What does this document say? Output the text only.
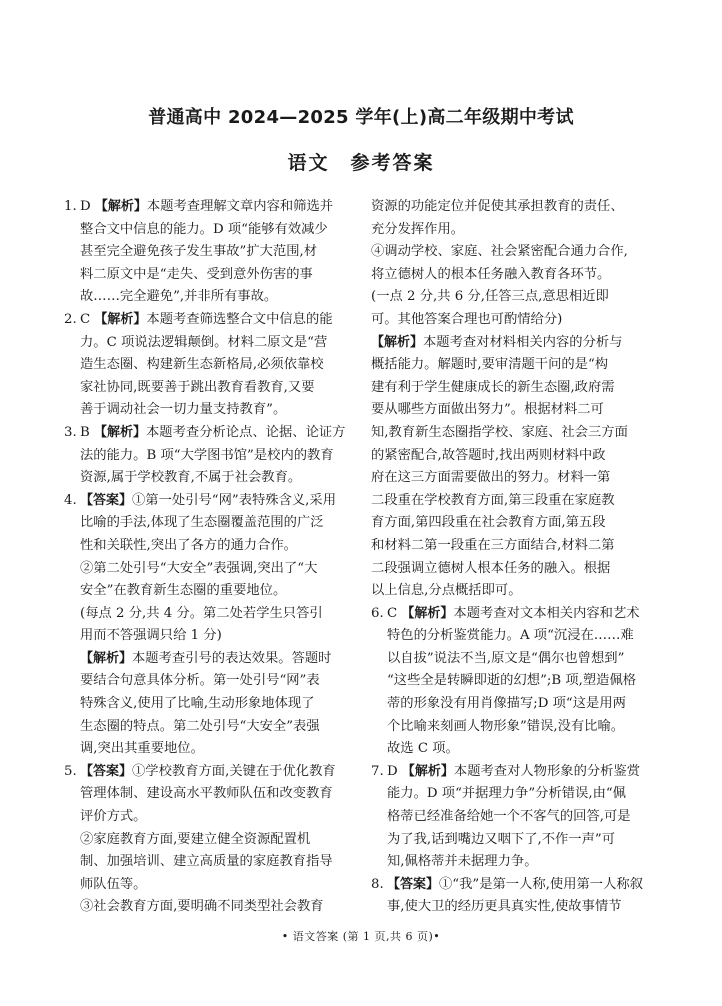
普通高中 2024—2025 学年(上)高二年级期中考试
语文　参考答案
1. D 【解析】本题考查理解文章内容和筛选并
整合文中信息的能力。D 项“能够有效减少
甚至完全避免孩子发生事故”扩大范围,材
料二原文中是“走失、受到意外伤害的事
故……完全避免”,并非所有事故。
2. C 【解析】本题考查筛选整合文中信息的能
力。C 项说法逻辑颠倒。材料二原文是“营
造生态圈、构建新生态新格局,必须依靠校
家社协同,既要善于跳出教育看教育,又要
善于调动社会一切力量支持教育”。
3. B 【解析】本题考查分析论点、论据、论证方
法的能力。B 项“大学图书馆”是校内的教育
资源,属于学校教育,不属于社会教育。
4. 【答案】①第一处引号“网”表特殊含义,采用
比喻的手法,体现了生态圈覆盖范围的广泛
性和关联性,突出了各方的通力合作。
②第二处引号“大安全”表强调,突出了“大
安全”在教育新生态圈的重要地位。
(每点 2 分,共 4 分。第二处若学生只答引
用而不答强调只给 1 分)
【解析】本题考查引号的表达效果。答题时
要结合句意具体分析。第一处引号“网”表
特殊含义,使用了比喻,生动形象地体现了
生态圈的特点。第二处引号“大安全”表强
调,突出其重要地位。
5. 【答案】①学校教育方面,关键在于优化教育
管理体制、建设高水平教师队伍和改变教育
评价方式。
②家庭教育方面,要建立健全资源配置机
制、加强培训、建立高质量的家庭教育指导
师队伍等。
③社会教育方面,要明确不同类型社会教育
资源的功能定位并促使其承担教育的责任、
充分发挥作用。
④调动学校、家庭、社会紧密配合通力合作,
将立德树人的根本任务融入教育各环节。
(一点 2 分,共 6 分,任答三点,意思相近即
可。其他答案合理也可酌情给分)
【解析】本题考查对材料相关内容的分析与
概括能力。解题时,要审清题干问的是“构
建有利于学生健康成长的新生态圈,政府需
要从哪些方面做出努力”。根据材料二可
知,教育新生态圈指学校、家庭、社会三方面
的紧密配合,故答题时,找出两则材料中政
府在这三方面需要做出的努力。材料一第
二段重在学校教育方面,第三段重在家庭教
育方面,第四段重在社会教育方面,第五段
和材料二第一段重在三方面结合,材料二第
二段强调立德树人根本任务的融入。根据
以上信息,分点概括即可。
6. C 【解析】本题考查对文本相关内容和艺术
特色的分析鉴赏能力。A 项“沉浸在……难
以自拔”说法不当,原文是“偶尔也曾想到”
“这些全是转瞬即逝的幻想”;B 项,塑造佩格
蒂的形象没有用肖像描写;D 项“这是用两
个比喻来刻画人物形象”错误,没有比喻。
故选 C 项。
7. D 【解析】本题考查对人物形象的分析鉴赏
能力。D 项“并据理力争”分析错误,由“佩
格蒂已经准备给她一个不客气的回答,可是
为了我,话到嘴边又咽下了,不作一声”可
知,佩格蒂并未据理力争。
8. 【答案】①“我”是第一人称,使用第一人称叙
事,使大卫的经历更具真实性,使故事情节
• 语文答案 (第 1 页,共 6 页)•
